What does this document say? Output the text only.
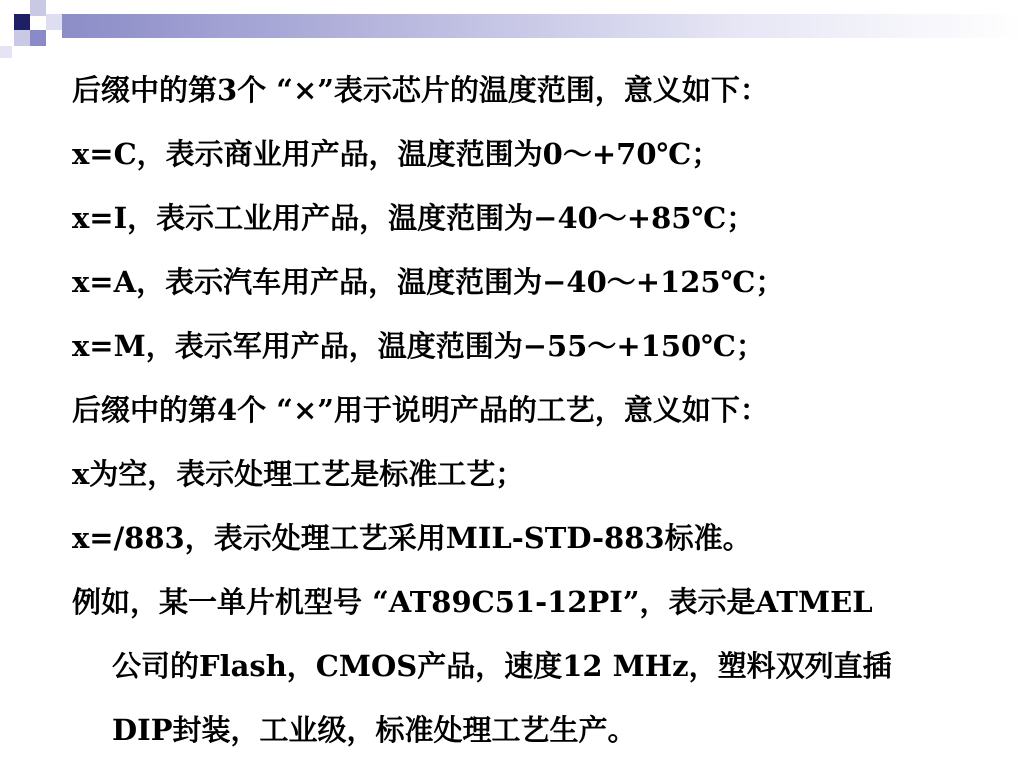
后缀中的第3个 “×”表示芯片的温度范围，意义如下：
x=C，表示商业用产品，温度范围为0～+70℃；
x=I，表示工业用产品，温度范围为−40～+85℃；
x=A，表示汽车用产品，温度范围为−40～+125℃；
x=M，表示军用产品，温度范围为−55～+150℃；
后缀中的第4个 “×”用于说明产品的工艺，意义如下：
x为空，表示处理工艺是标准工艺；
x=/883，表示处理工艺采用MIL-STD-883标准。
例如，某一单片机型号 “AT89C51-12PI”，表示是ATMEL
公司的Flash，CMOS产品，速度12 MHz，塑料双列直插
DIP封装，工业级，标准处理工艺生产。
